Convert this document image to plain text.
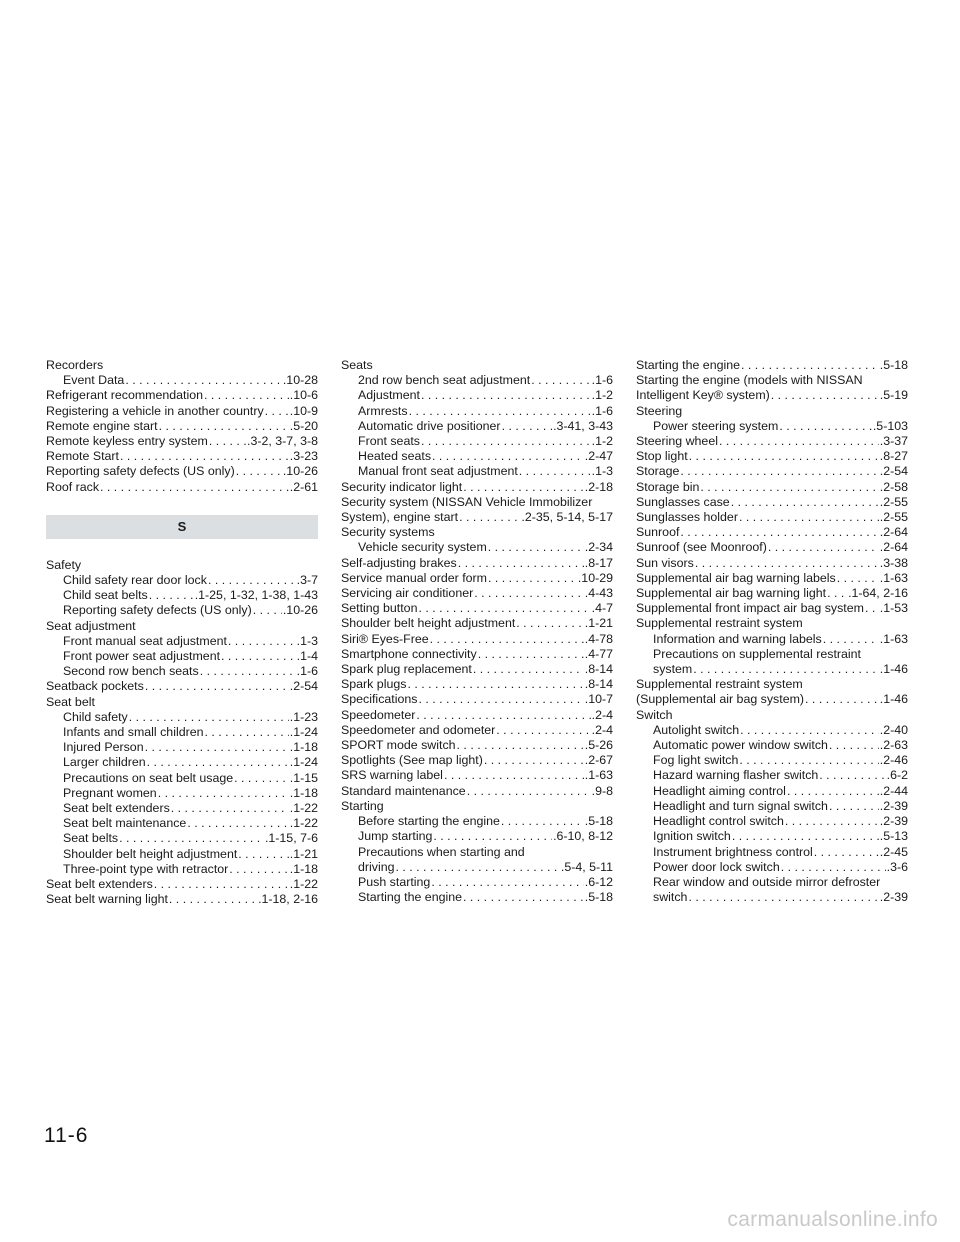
Recorders
Event Data . . .	.10-28
Refrigerant recommendation . . .	.10-6
Registering a vehicle in another country . . . .10-9
Remote engine start . . .	.5-20
Remote keyless entry system . . .	.3-2, 3-7, 3-8
Remote Start . . .	.3-23
Reporting safety defects (US only) . . .	.10-26
Roof rack . . .	.2-61
S
Safety
Child safety rear door lock . . .	.3-7
Child seat belts . . .	.1-25, 1-32, 1-38, 1-43
Reporting safety defects (US only) . . .	.10-26
Seat adjustment
Front manual seat adjustment . . .	.1-3
Front power seat adjustment . . .	.1-4
Second row bench seats . . .	.1-6
Seatback pockets . . .	.2-54
Seat belt
Child safety . . .	.1-23
Infants and small children . . .	.1-24
Injured Person . . .	.1-18
Larger children . . .	.1-24
Precautions on seat belt usage . . .	.1-15
Pregnant women . . .	.1-18
Seat belt extenders . . .	.1-22
Seat belt maintenance . . .	.1-22
Seat belts . . .	.1-15, 7-6
Shoulder belt height adjustment . . .	.1-21
Three-point type with retractor . . .	.1-18
Seat belt extenders . . .	.1-22
Seat belt warning light . . .	.1-18, 2-16
Seats
2nd row bench seat adjustment . . .	.1-6
Adjustment . . .	.1-2
Armrests . . .	.1-6
Automatic drive positioner . . .	.3-41, 3-43
Front seats . . .	.1-2
Heated seats . . .	.2-47
Manual front seat adjustment . . .	.1-3
Security indicator light . . .	.2-18
Security system (NISSAN Vehicle Immobilizer
System), engine start . . .	.2-35, 5-14, 5-17
Security systems
Vehicle security system . . .	.2-34
Self-adjusting brakes . . .	.8-17
Service manual order form . . .	.10-29
Servicing air conditioner . . .	.4-43
Setting button . . .	.4-7
Shoulder belt height adjustment . . .	.1-21
Siri® Eyes-Free . . .	.4-78
Smartphone connectivity . . .	.4-77
Spark plug replacement . . .	.8-14
Spark plugs . . .	.8-14
Specifications . . .	.10-7
Speedometer . . .	.2-4
Speedometer and odometer . . .	.2-4
SPORT mode switch . . .	.5-26
Spotlights (See map light) . . .	.2-67
SRS warning label . . .	.1-63
Standard maintenance . . .	.9-8
Starting
Before starting the engine . . .	.5-18
Jump starting . . .	.6-10, 8-12
Precautions when starting and
driving . . .	.5-4, 5-11
Push starting . . .	.6-12
Starting the engine . . .	.5-18
Starting the engine . . .	.5-18
Starting the engine (models with NISSAN
Intelligent Key® system) . . .	.5-19
Steering
Power steering system . . .	.5-103
Steering wheel . . .	.3-37
Stop light . . .	.8-27
Storage . . .	.2-54
Storage bin . . .	.2-58
Sunglasses case . . .	.2-55
Sunglasses holder . . .	.2-55
Sunroof . . .	.2-64
Sunroof (see Moonroof) . . .	.2-64
Sun visors . . .	.3-38
Supplemental air bag warning labels . . .	.1-63
Supplemental air bag warning light . . . .1-64, 2-16
Supplemental front impact air bag system . . . .1-53
Supplemental restraint system
Information and warning labels . . .	.1-63
Precautions on supplemental restraint
system . . .	.1-46
Supplemental restraint system
(Supplemental air bag system) . . .	.1-46
Switch
Autolight switch . . .	.2-40
Automatic power window switch . . .	.2-63
Fog light switch . . .	.2-46
Hazard warning flasher switch . . .	.6-2
Headlight aiming control . . .	.2-44
Headlight and turn signal switch . . .	.2-39
Headlight control switch . . .	.2-39
Ignition switch . . .	.5-13
Instrument brightness control . . .	.2-45
Power door lock switch . . .	.3-6
Rear window and outside mirror defroster
switch . . .	.2-39
11-6
carmanualsonline.info
